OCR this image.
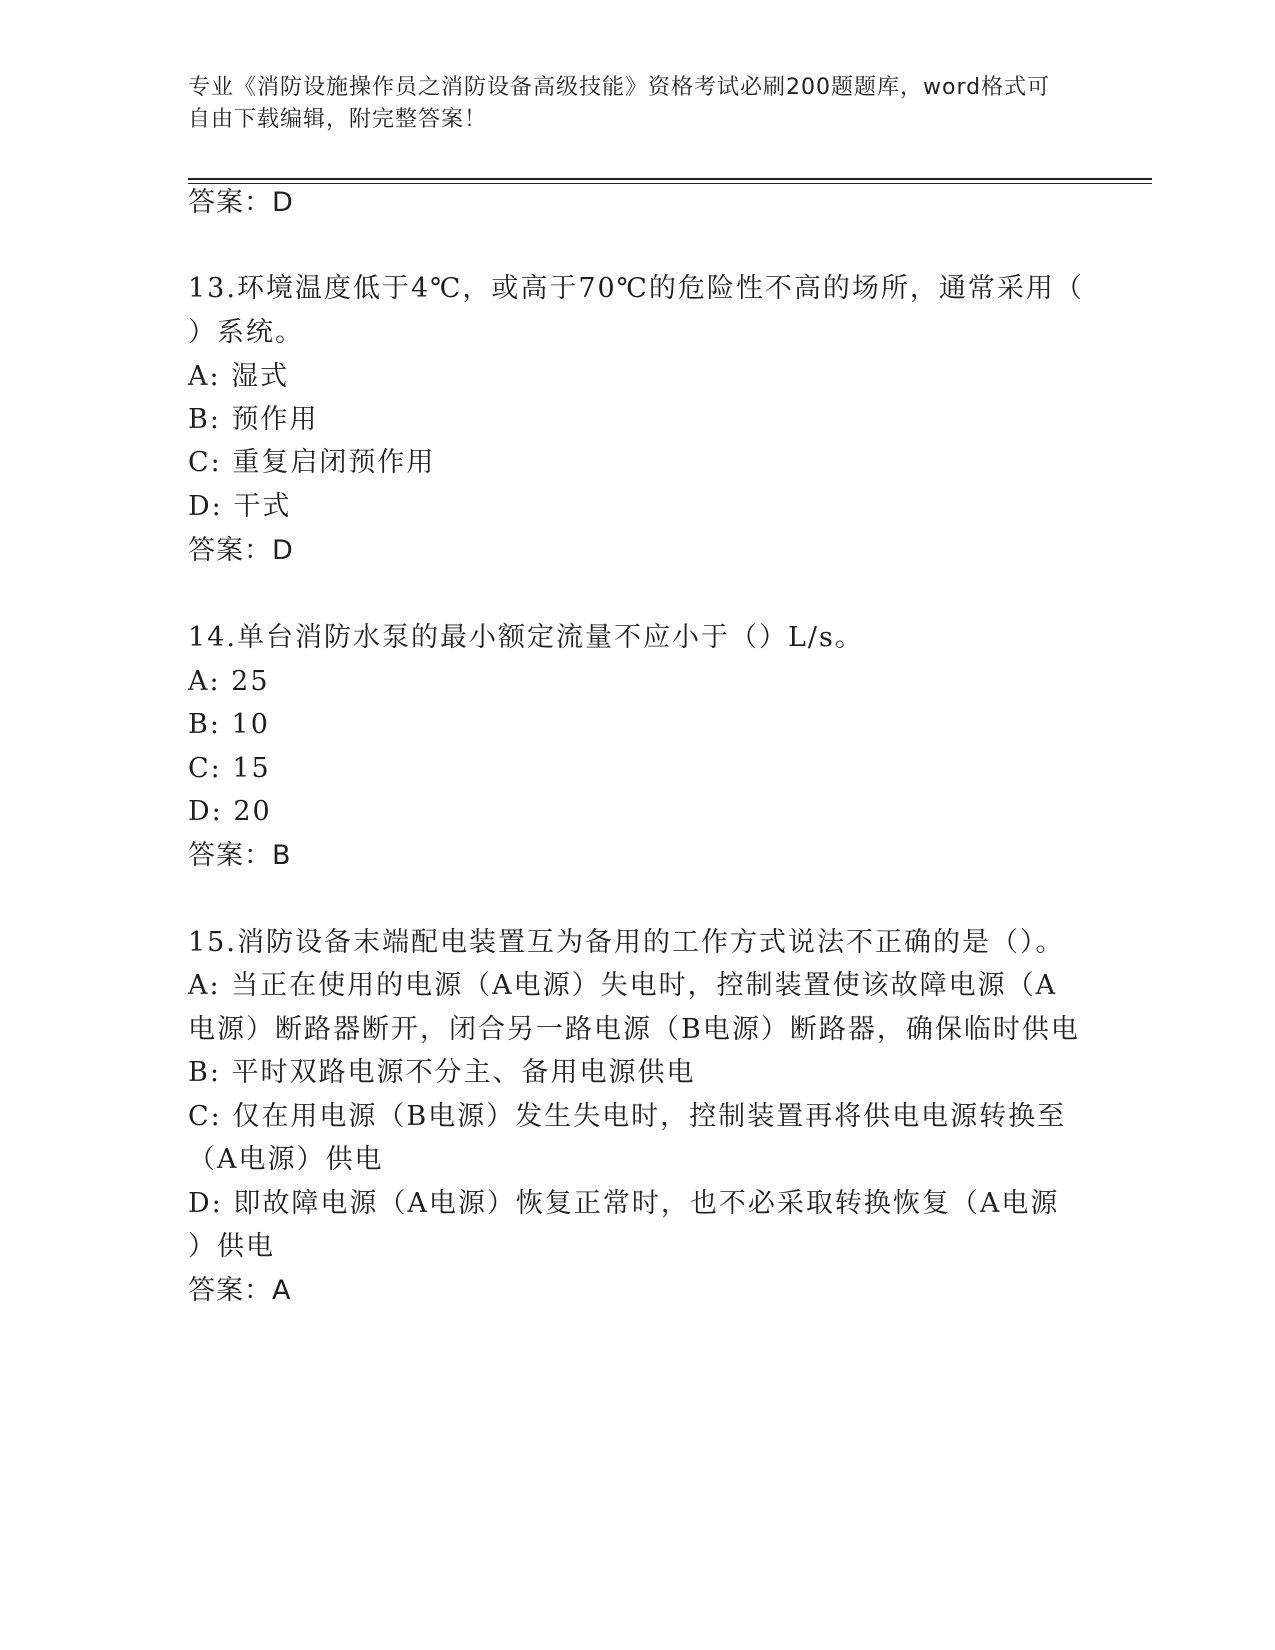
专业《消防设施操作员之消防设备高级技能》资格考试必刷200题题库，word格式可自由下载编辑，附完整答案！
答案：D
13.环境温度低于4℃，或高于70℃的危险性不高的场所，通常采用（
）系统。
A: 湿式
B: 预作用
C: 重复启闭预作用
D: 干式
答案：D
14.单台消防水泵的最小额定流量不应小于（）L/s。
A: 25
B: 10
C: 15
D: 20
答案：B
15.消防设备末端配电装置互为备用的工作方式说法不正确的是（）。
A: 当正在使用的电源（A电源）失电时，控制装置使该故障电源（A
电源）断路器断开，闭合另一路电源（B电源）断路器，确保临时供电
B: 平时双路电源不分主、备用电源供电
C: 仅在用电源（B电源）发生失电时，控制装置再将供电电源转换至
（A电源）供电
D: 即故障电源（A电源）恢复正常时，也不必采取转换恢复（A电源
）供电
答案：A
